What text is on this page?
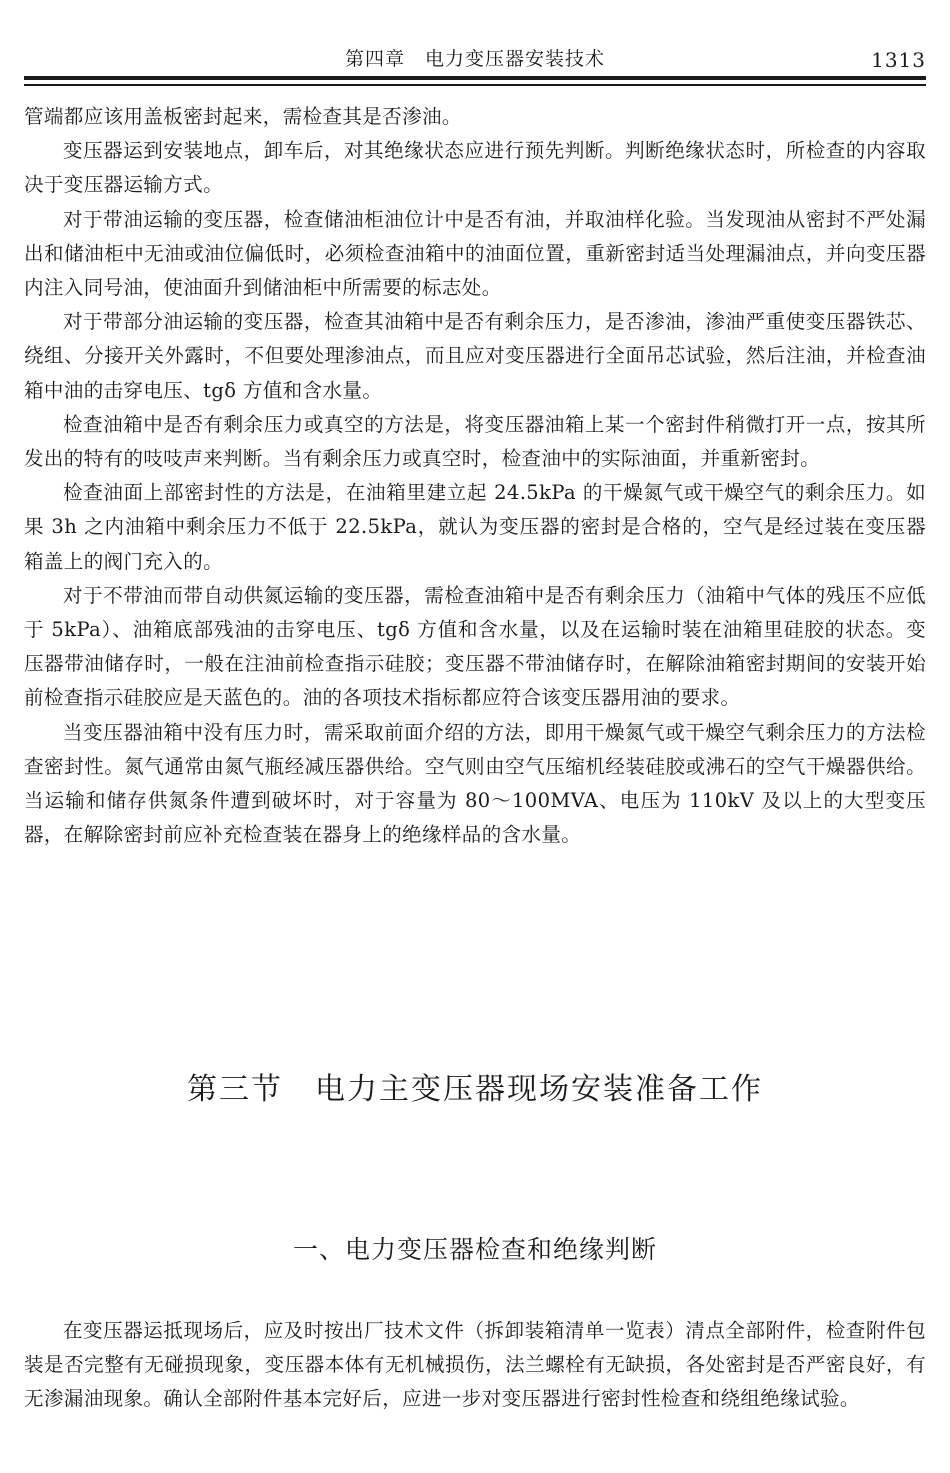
第四章　电力变压器安装技术	1313

管端都应该用盖板密封起来，需检查其是否渗油。

变压器运到安装地点，卸车后，对其绝缘状态应进行预先判断。判断绝缘状态时，所检查的内容取决于变压器运输方式。

对于带油运输的变压器，检查储油柜油位计中是否有油，并取油样化验。当发现油从密封不严处漏出和储油柜中无油或油位偏低时，必须检查油箱中的油面位置，重新密封适当处理漏油点，并向变压器内注入同号油，使油面升到储油柜中所需要的标志处。

对于带部分油运输的变压器，检查其油箱中是否有剩余压力，是否渗油，渗油严重使变压器铁芯、绕组、分接开关外露时，不但要处理渗油点，而且应对变压器进行全面吊芯试验，然后注油，并检查油箱中油的击穿电压、tgδ 方值和含水量。

检查油箱中是否有剩余压力或真空的方法是，将变压器油箱上某一个密封件稍微打开一点，按其所发出的特有的吱吱声来判断。当有剩余压力或真空时，检查油中的实际油面，并重新密封。

检查油面上部密封性的方法是，在油箱里建立起 24.5kPa 的干燥氮气或干燥空气的剩余压力。如果 3h 之内油箱中剩余压力不低于 22.5kPa，就认为变压器的密封是合格的，空气是经过装在变压器箱盖上的阀门充入的。

对于不带油而带自动供氮运输的变压器，需检查油箱中是否有剩余压力（油箱中气体的残压不应低于 5kPa）、油箱底部残油的击穿电压、tgδ 方值和含水量，以及在运输时装在油箱里硅胶的状态。变压器带油储存时，一般在注油前检查指示硅胶；变压器不带油储存时，在解除油箱密封期间的安装开始前检查指示硅胶应是天蓝色的。油的各项技术指标都应符合该变压器用油的要求。

当变压器油箱中没有压力时，需采取前面介绍的方法，即用干燥氮气或干燥空气剩余压力的方法检查密封性。氮气通常由氮气瓶经减压器供给。空气则由空气压缩机经装硅胶或沸石的空气干燥器供给。当运输和储存供氮条件遭到破坏时，对于容量为 80～100MVA、电压为 110kV 及以上的大型变压器，在解除密封前应补充检查装在器身上的绝缘样品的含水量。

第三节　电力主变压器现场安装准备工作
一、电力变压器检查和绝缘判断

在变压器运抵现场后，应及时按出厂技术文件（拆卸装箱清单一览表）清点全部附件，检查附件包装是否完整有无碰损现象，变压器本体有无机械损伤，法兰螺栓有无缺损，各处密封是否严密良好，有无渗漏油现象。确认全部附件基本完好后，应进一步对变压器进行密封性检查和绕组绝缘试验。
